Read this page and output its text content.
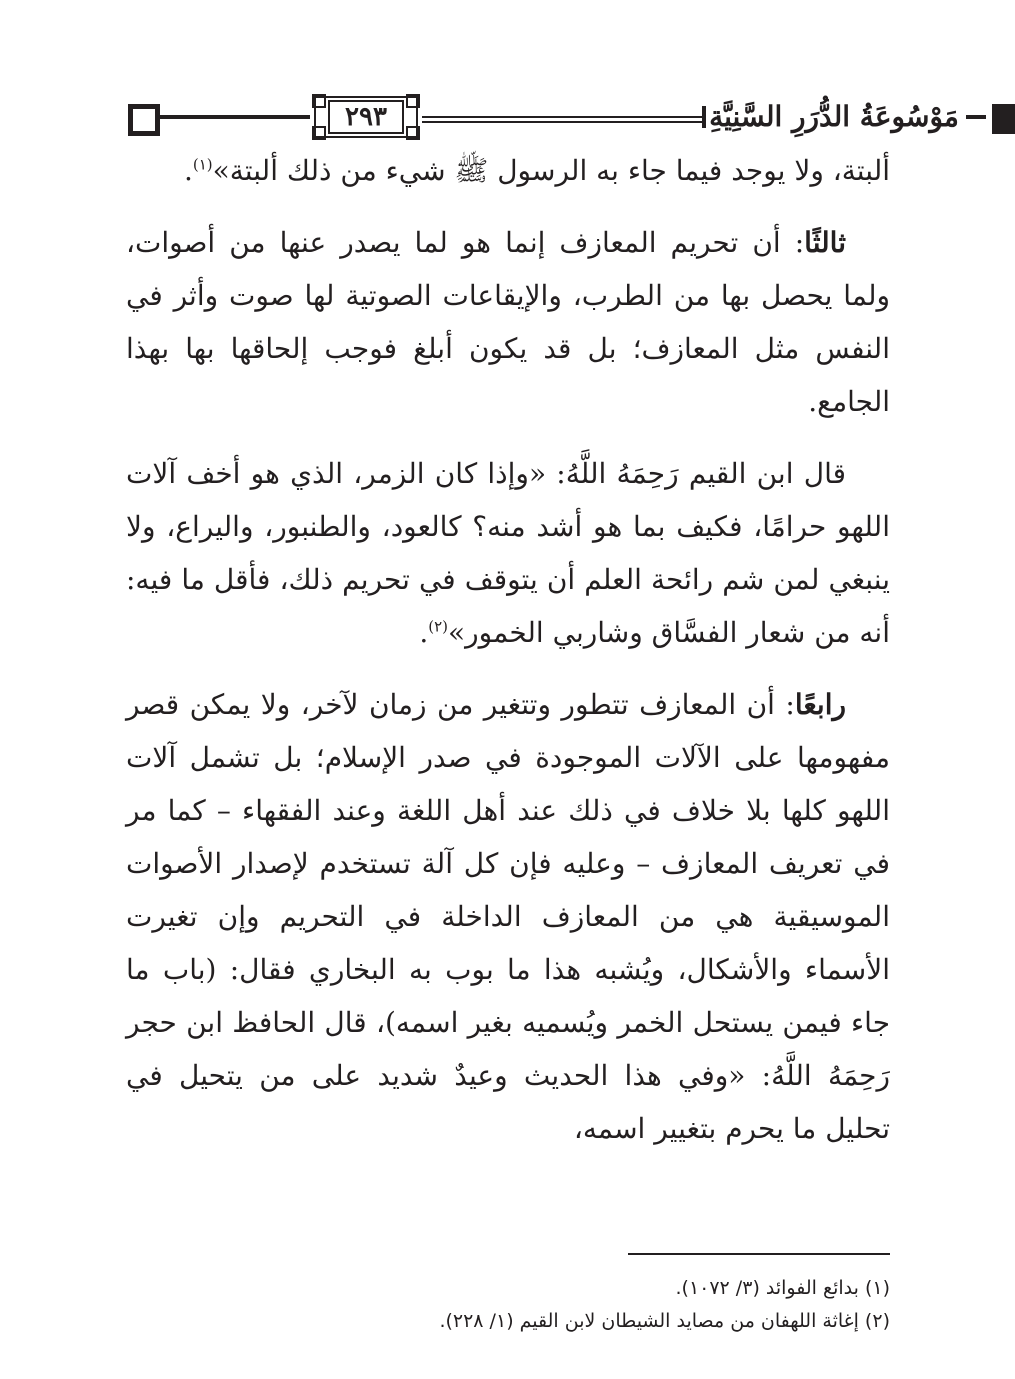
٢٩٣	مَوْسُوعَةُ الدُّرَرِ السَّنِيَّةِ

ألبتة، ولا يوجد فيما جاء به الرسول ﷺ شيء من ذلك ألبتة»$^{(١)}$.

ثالثًا: أن تحريم المعازف إنما هو لما يصدر عنها من أصوات، ولما يحصل بها من الطرب، والإيقاعات الصوتية لها صوت وأثر في النفس مثل المعازف؛ بل قد يكون أبلغ فوجب إلحاقها بها بهذا الجامع.

قال ابن القيم رَحِمَهُ اللَّهُ: «وإذا كان الزمر، الذي هو أخف آلات اللهو حرامًا، فكيف بما هو أشد منه؟ كالعود، والطنبور، واليراع، ولا ينبغي لمن شم رائحة العلم أن يتوقف في تحريم ذلك، فأقل ما فيه: أنه من شعار الفسَّاق وشاربي الخمور»$^{(٢)}$.

رابعًا: أن المعازف تتطور وتتغير من زمان لآخر، ولا يمكن قصر مفهومها على الآلات الموجودة في صدر الإسلام؛ بل تشمل آلات اللهو كلها بلا خلاف في ذلك عند أهل اللغة وعند الفقهاء – كما مر في تعريف المعازف – وعليه فإن كل آلة تستخدم لإصدار الأصوات الموسيقية هي من المعازف الداخلة في التحريم وإن تغيرت الأسماء والأشكال، ويُشبه هذا ما بوب به البخاري فقال: (باب ما جاء فيمن يستحل الخمر ويُسميه بغير اسمه)، قال الحافظ ابن حجر رَحِمَهُ اللَّهُ: «وفي هذا الحديث وعيدٌ شديد على من يتحيل في تحليل ما يحرم بتغيير اسمه،

(١) بدائع الفوائد (٣/ ١٠٧٢).
(٢) إغاثة اللهفان من مصايد الشيطان لابن القيم (١/ ٢٢٨).
